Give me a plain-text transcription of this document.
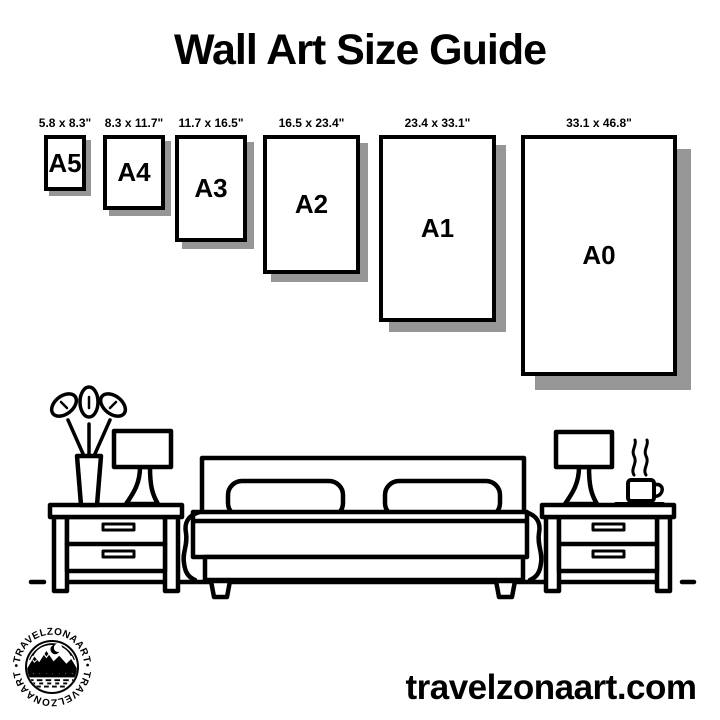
Wall Art Size Guide
5.8 x 8.3"
A5
8.3 x 11.7"
A4
11.7 x 16.5"
A3
16.5 x 23.4"
A2
23.4 x 33.1"
A1
33.1 x 46.8"
A0
•TRAVELZONAART•
TRAVELZONAART	travelzonaart.com
